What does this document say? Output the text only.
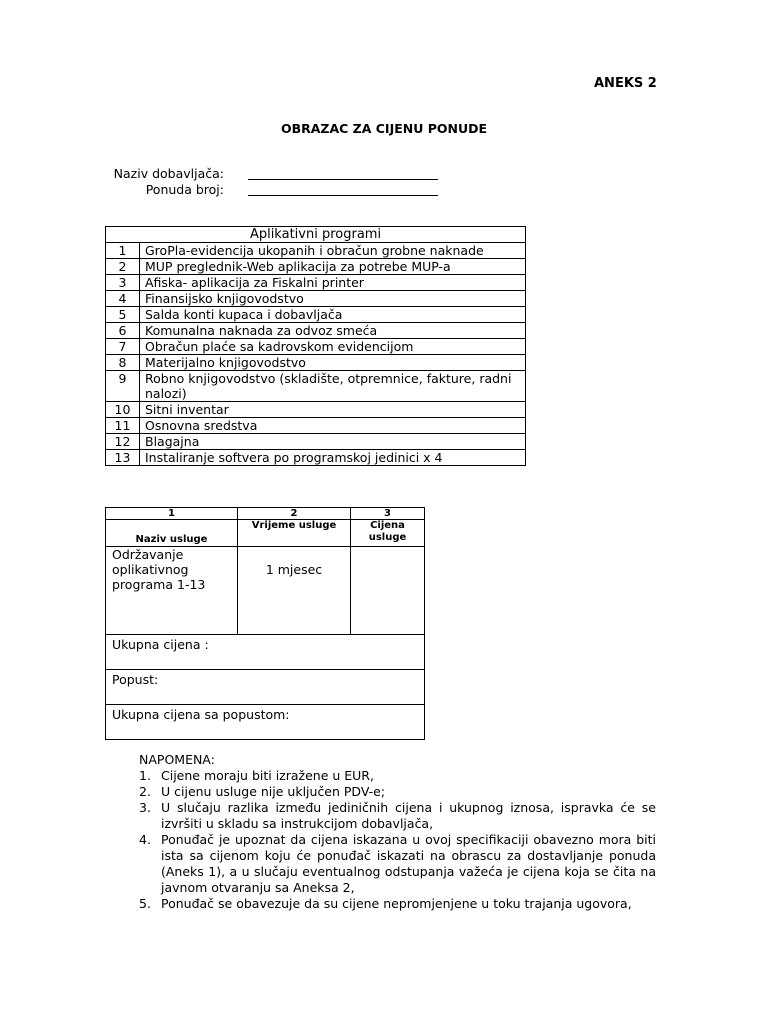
ANEKS 2
OBRAZAC ZA CIJENU PONUDE
Naziv dobavljača:
Ponuda broj:
Aplikativni programi	
1	GroPla-evidencija ukopanih i obračun grobne naknade
2	MUP preglednik-Web aplikacija za potrebe MUP-a
3	Afiska- aplikacija za Fiskalni printer
4	Finansijsko knjigovodstvo
5	Salda konti kupaca i dobavljača
6	Komunalna naknada za odvoz smeća
7	Obračun plaće sa kadrovskom evidencijom
8	Materijalno knjigovodstvo
9	Robno knjigovodstvo (skladište, otpremnice, fakture, radni nalozi)
10	Sitni inventar
11	Osnovna sredstva
12	Blagajna
13	Instaliranje softvera po programskoj jedinici x 4
1	2	3
Naziv usluge	Vrijeme usluge	Cijena usluge
Održavanje oplikativnog programa 1-13	1 mjesec	
Ukupna cijena :		
Popust:		
Ukupna cijena sa popustom:		
NAPOMENA:
1. Cijene moraju biti izražene u EUR,
2. U cijenu usluge nije uključen PDV-e;
3. U slučaju razlika između jediničnih cijena i ukupnog iznosa, ispravka će se izvršiti u skladu sa instrukcijom dobavljača,
4. Ponuđač je upoznat da cijena iskazana u ovoj specifikaciji obavezno mora biti ista sa cijenom koju će ponuđač iskazati na obrascu za dostavljanje ponuda (Aneks 1), a u slučaju eventualnog odstupanja važeća je cijena koja se čita na javnom otvaranju sa Aneksa 2,
5. Ponuđač se obavezuje da su cijene nepromjenjene u toku trajanja ugovora,
